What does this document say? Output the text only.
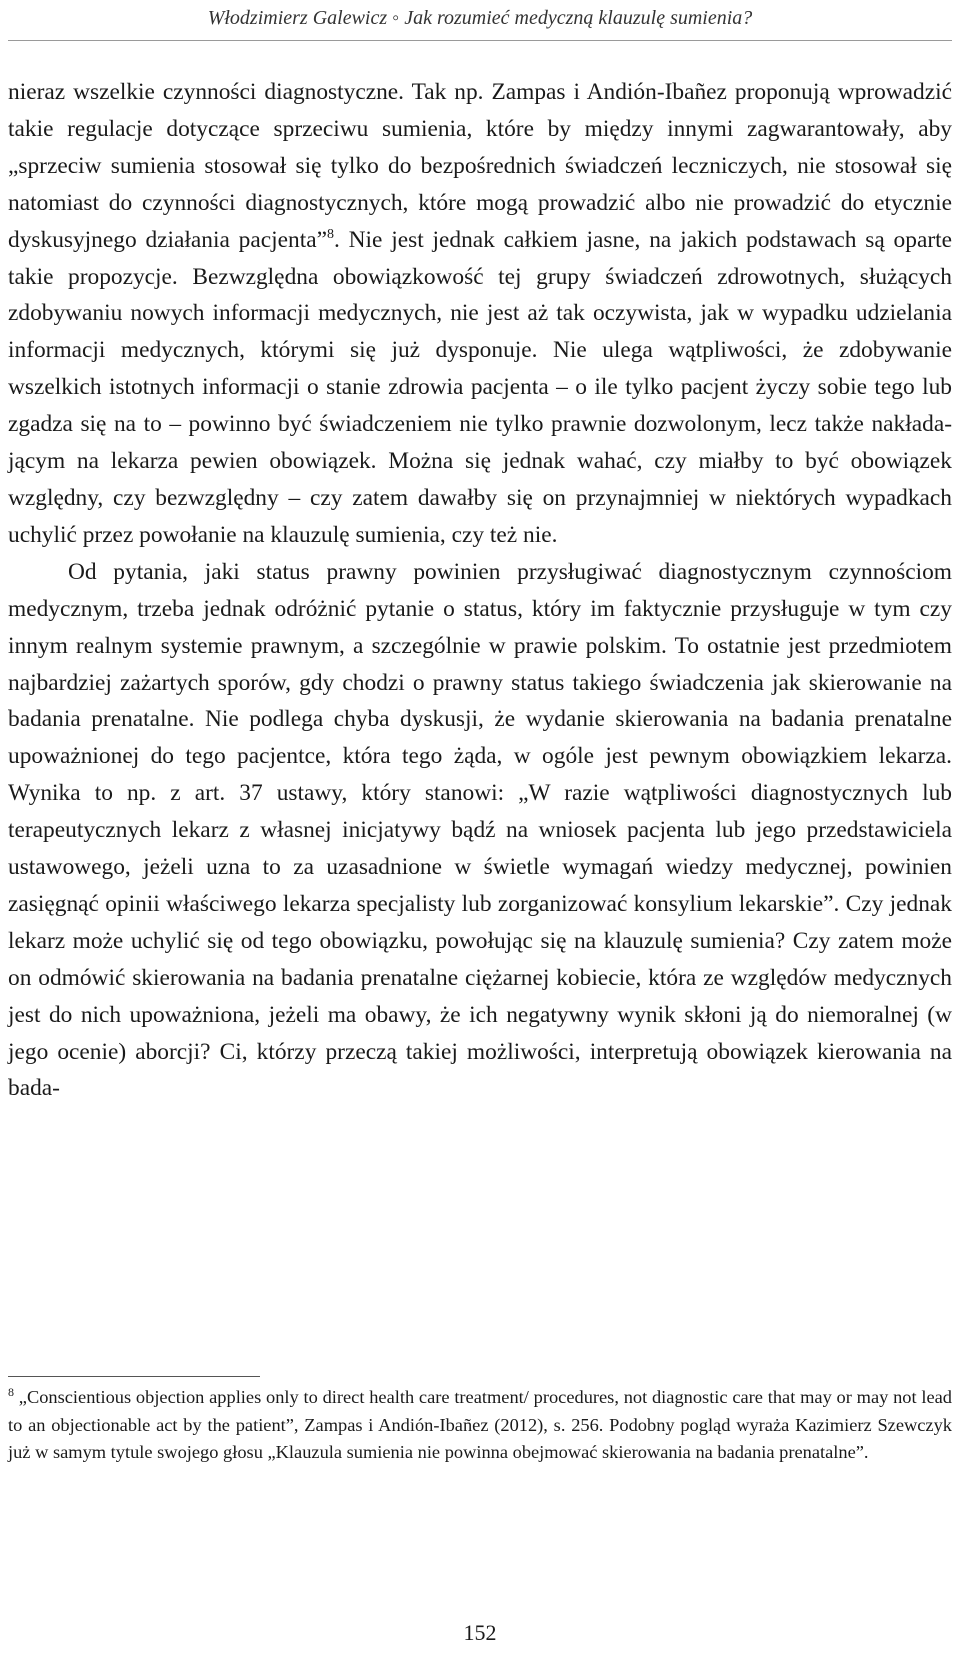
Włodzimierz Galewicz ◦ Jak rozumieć medyczną klauzulę sumienia?

nieraz wszelkie czynności diagnostyczne. Tak np. Zampas i Andión-Ibañez proponują wprowadzić takie regulacje dotyczące sprzeciwu sumienia, które by między innymi zagwarantowały, aby „sprzeciw sumienia stosował się tylko do bezpośrednich świadczeń leczniczych, nie stosował się natomiast do czynności diagnostycznych, które mogą prowadzić albo nie prowadzić do etycznie dyskusyjnego działania pacjenta”$^8$. Nie jest jednak całkiem jasne, na jakich podstawach są oparte takie propozycje. Bezwzględna obowiązkowość tej grupy świadczeń zdrowotnych, służących zdobywaniu nowych informacji medycznych, nie jest aż tak oczywista, jak w wypadku udzielania informacji medycznych, którymi się już dysponuje. Nie ulega wątpliwości, że zdobywanie wszelkich istotnych informacji o stanie zdrowia pacjenta – o ile tylko pacjent życzy sobie tego lub zgadza się na to – powinno być świadczeniem nie tylko prawnie dozwolonym, lecz także nakładającym na lekarza pewien obowiązek. Można się jednak wahać, czy miałby to być obowiązek względny, czy bezwzględny – czy zatem dawałby się on przynajmniej w niektórych wypadkach uchylić przez powołanie na klauzulę sumienia, czy też nie.

Od pytania, jaki status prawny powinien przysługiwać diagnostycznym czynnościom medycznym, trzeba jednak odróżnić pytanie o status, który im faktycznie przysługuje w tym czy innym realnym systemie prawnym, a szczególnie w prawie polskim. To ostatnie jest przedmiotem najbardziej zażartych sporów, gdy chodzi o prawny status takiego świadczenia jak skierowanie na badania prenatalne. Nie podlega chyba dyskusji, że wydanie skierowania na badania prenatalne upoważnionej do tego pacjentce, która tego żąda, w ogóle jest pewnym obowiązkiem lekarza. Wynika to np. z art. 37 ustawy, który stanowi: „W razie wątpliwości diagnostycznych lub terapeutycznych lekarz z własnej inicjatywy bądź na wniosek pacjenta lub jego przedstawiciela ustawowego, jeżeli uzna to za uzasadnione w świetle wymagań wiedzy medycznej, powinien zasięgnąć opinii właściwego lekarza specjalisty lub zorganizować konsylium lekarskie”. Czy jednak lekarz może uchylić się od tego obowiązku, powołując się na klauzulę sumienia? Czy zatem może on odmówić skierowania na badania prenatalne ciężarnej kobiecie, która ze względów medycznych jest do nich upoważniona, jeżeli ma obawy, że ich negatywny wynik skłoni ją do niemoralnej (w jego ocenie) aborcji? Ci, którzy przeczą takiej możliwości, interpretują obowiązek kierowania na bada-

$^8$ „Conscientious objection applies only to direct health care treatment/ procedures, not diagnostic care that may or may not lead to an objectionable act by the patient”, Zampas i Andión-Ibañez (2012), s. 256. Podobny pogląd wyraża Kazimierz Szewczyk już w samym tytule swojego głosu „Klauzula sumienia nie powinna obejmować skierowania na badania prenatalne”.
152
